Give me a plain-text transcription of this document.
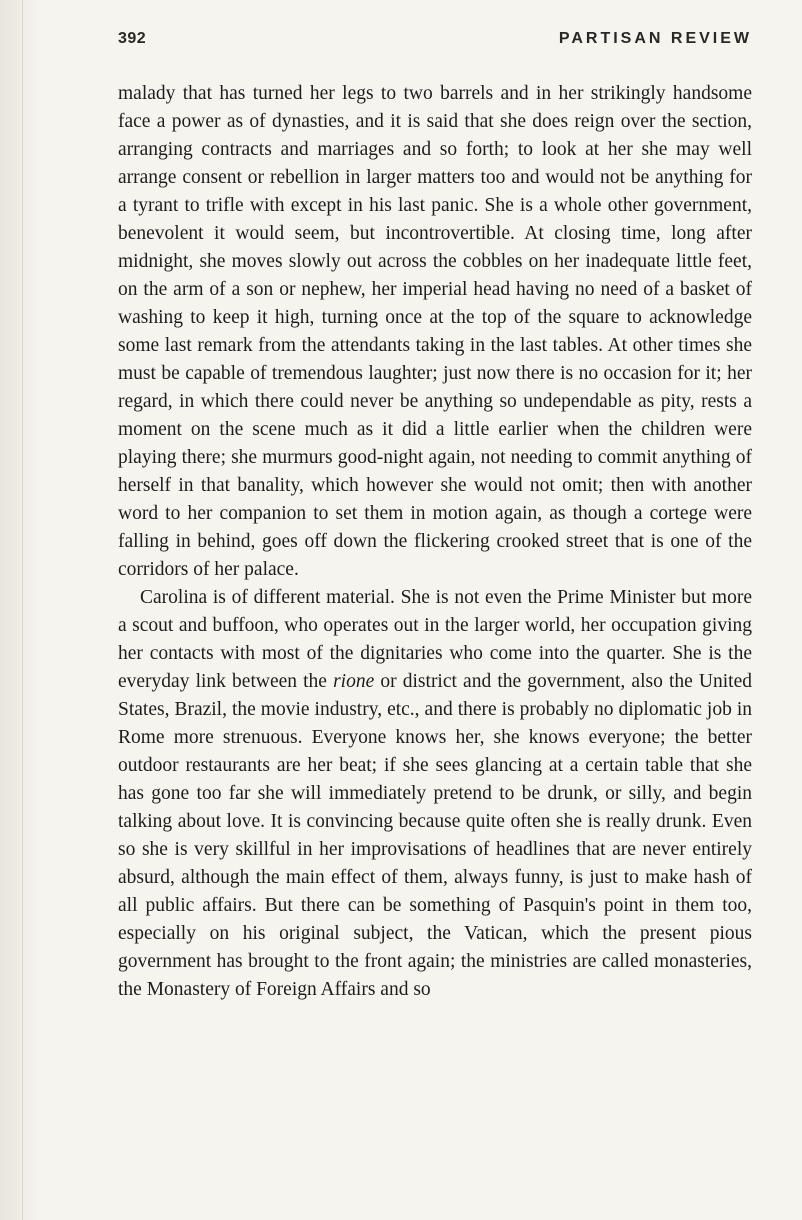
392	PARTISAN REVIEW

malady that has turned her legs to two barrels and in her strikingly handsome face a power as of dynasties, and it is said that she does reign over the section, arranging contracts and marriages and so forth; to look at her she may well arrange consent or rebellion in larger matters too and would not be anything for a tyrant to trifle with except in his last panic. She is a whole other government, benevolent it would seem, but incontrovertible. At closing time, long after midnight, she moves slowly out across the cobbles on her inadequate little feet, on the arm of a son or nephew, her imperial head having no need of a basket of washing to keep it high, turning once at the top of the square to acknowledge some last remark from the attendants taking in the last tables. At other times she must be capable of tremendous laughter; just now there is no occasion for it; her regard, in which there could never be anything so undependable as pity, rests a moment on the scene much as it did a little earlier when the children were playing there; she murmurs good-night again, not needing to commit anything of herself in that banality, which however she would not omit; then with another word to her companion to set them in motion again, as though a cortege were falling in behind, goes off down the flickering crooked street that is one of the corridors of her palace.

Carolina is of different material. She is not even the Prime Minister but more a scout and buffoon, who operates out in the larger world, her occupation giving her contacts with most of the dignitaries who come into the quarter. She is the everyday link between the rione or district and the government, also the United States, Brazil, the movie industry, etc., and there is probably no diplomatic job in Rome more strenuous. Everyone knows her, she knows everyone; the better outdoor restaurants are her beat; if she sees glancing at a certain table that she has gone too far she will immediately pretend to be drunk, or silly, and begin talking about love. It is convincing because quite often she is really drunk. Even so she is very skillful in her improvisations of headlines that are never entirely absurd, although the main effect of them, always funny, is just to make hash of all public affairs. But there can be something of Pasquin's point in them too, especially on his original subject, the Vatican, which the present pious government has brought to the front again; the ministries are called monasteries, the Monastery of Foreign Affairs and so
